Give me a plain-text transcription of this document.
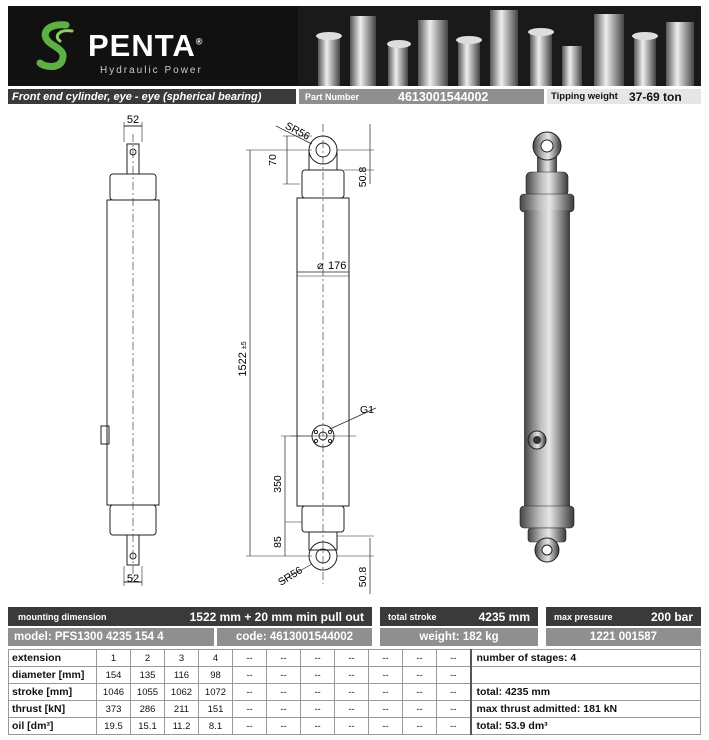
PENTA®
Hydraulic Power
Front end cylinder, eye - eye (spherical bearing)	Part Number	4613001544002	Tipping weight 37-69 ton
52
52
SR56
70
50.8
⌀ 176
1522 ±5
G1
350
85
SR56	50.8
mounting dimension	1522 mm + 20 mm min pull out	total stroke	4235 mm	max pressure	200 bar
model: PFS1300 4235 154 4	code: 4613001544002	weight: 182 kg	1221 001587
extension	1	2	3	4	--	--	--	--	--	--	--	number of stages: 4
diameter [mm]	154	135	116	98	--	--	--	--	--	--	--	
stroke [mm]	1046	1055	1062	1072	--	--	--	--	--	--	--	total: 4235 mm
thrust [kN]	373	286	211	151	--	--	--	--	--	--	--	max thrust admitted: 181 kN
oil [dm³]	19.5	15.1	11.2	8.1	--	--	--	--	--	--	--	total: 53.9 dm³
